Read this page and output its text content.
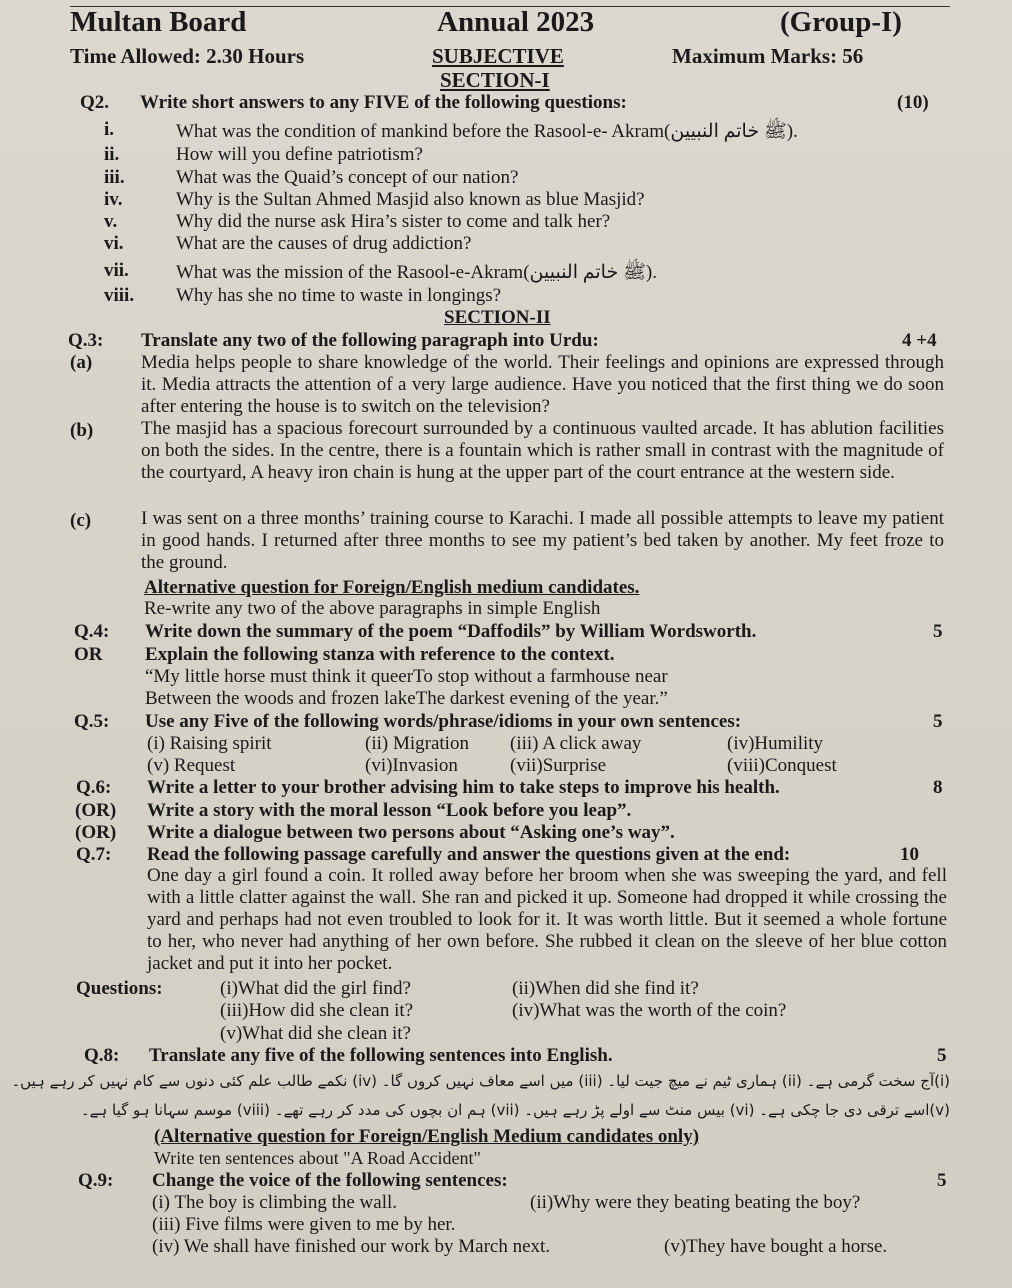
Multan Board	Annual 2023	(Group-I)
Time Allowed: 2.30 Hours	SUBJECTIVE	Maximum Marks: 56
SECTION-I
Q2. Write short answers to any FIVE of the following questions:	(10)
i.	What was the condition of mankind before the Rasool-e- Akram(ﷺ خاتم النبیین).
ii.	How will you define patriotism?
iii.	What was the Quaid’s concept of our nation?
iv.	Why is the Sultan Ahmed Masjid also known as blue Masjid?
v.	Why did the nurse ask Hira’s sister to come and talk her?
vi.	What are the causes of drug addiction?
vii. What was the mission of the Rasool-e-Akram(ﷺ خاتم النبیین).
viii. Why has she no time to waste in longings?
SECTION-II
Q.3: Translate any two of the following paragraph into Urdu:	4 +4
(a)	Media helps people to share knowledge of the world. Their feelings and opinions are expressed through it. Media attracts the attention of a very large audience. Have you noticed that the first thing we do soon after entering the house is to switch on the television?
(b)	The masjid has a spacious forecourt surrounded by a continuous vaulted arcade. It has ablution facilities on both the sides. In the centre, there is a fountain which is rather small in contrast with the magnitude of the courtyard, A heavy iron chain is hung at the upper part of the court entrance at the western side.
(c)	I was sent on a three months’ training course to Karachi. I made all possible attempts to leave my patient in good hands. I returned after three months to see my patient’s bed taken by another. My feet froze to the ground.
Alternative question for Foreign/English medium candidates.
Re-write any two of the above paragraphs in simple English
Q.4: Write down the summary of the poem “Daffodils” by William Wordsworth.	5
OR Explain the following stanza with reference to the context.
“My little horse must think it queerTo stop without a farmhouse near
Between the woods and frozen lakeThe darkest evening of the year.”
Q.5: Use any Five of the following words/phrase/idioms in your own sentences:	5
(i) Raising spirit	(ii) Migration (iii) A click away	(iv)Humility
(v) Request	(vi)Invasion	(vii)Surprise	(viii)Conquest
Q.6: Write a letter to your brother advising him to take steps to improve his health.	8
(OR) Write a story with the moral lesson “Look before you leap”.
(OR) Write a dialogue between two persons about “Asking one’s way”.
Q.7: Read the following passage carefully and answer the questions given at the end:	10
One day a girl found a coin. It rolled away before her broom when she was sweeping the yard, and fell with a little clatter against the wall. She ran and picked it up. Someone had dropped it while crossing the yard and perhaps had not even troubled to look for it. It was worth little. But it seemed a whole fortune to her, who never had anything of her own before. She rubbed it clean on the sleeve of her blue cotton jacket and put it into her pocket.
Questions:	(i)What did the girl find?	(ii)When did she find it?
(iii)How did she clean it?	(iv)What was the worth of the coin?
(v)What did she clean it?
Q.8: Translate any five of the following sentences into English.	5
(i)آج سخت گرمی ہے۔ (ii) ہماری ٹیم نے میچ جیت لیا۔ (iii) میں اسے معاف نہیں کروں گا۔ (iv) نکمے طالب علم کئی دنوں سے کام نہیں کر رہے ہیں۔
(v)اسے ترقی دی جا چکی ہے۔ (vi) بیس منٹ سے اولے پڑ رہے ہیں۔ (vii) ہم ان بچوں کی مدد کر رہے تھے۔ (viii) موسم سہانا ہو گیا ہے۔
(Alternative question for Foreign/English Medium candidates only)
Write ten sentences about "A Road Accident"
Q.9: Change the voice of the following sentences:	5
(i) The boy is climbing the wall.	(ii)Why were they beating beating the boy?
(iii) Five films were given to me by her.
(iv) We shall have finished our work by March next.	(v)They have bought a horse.
